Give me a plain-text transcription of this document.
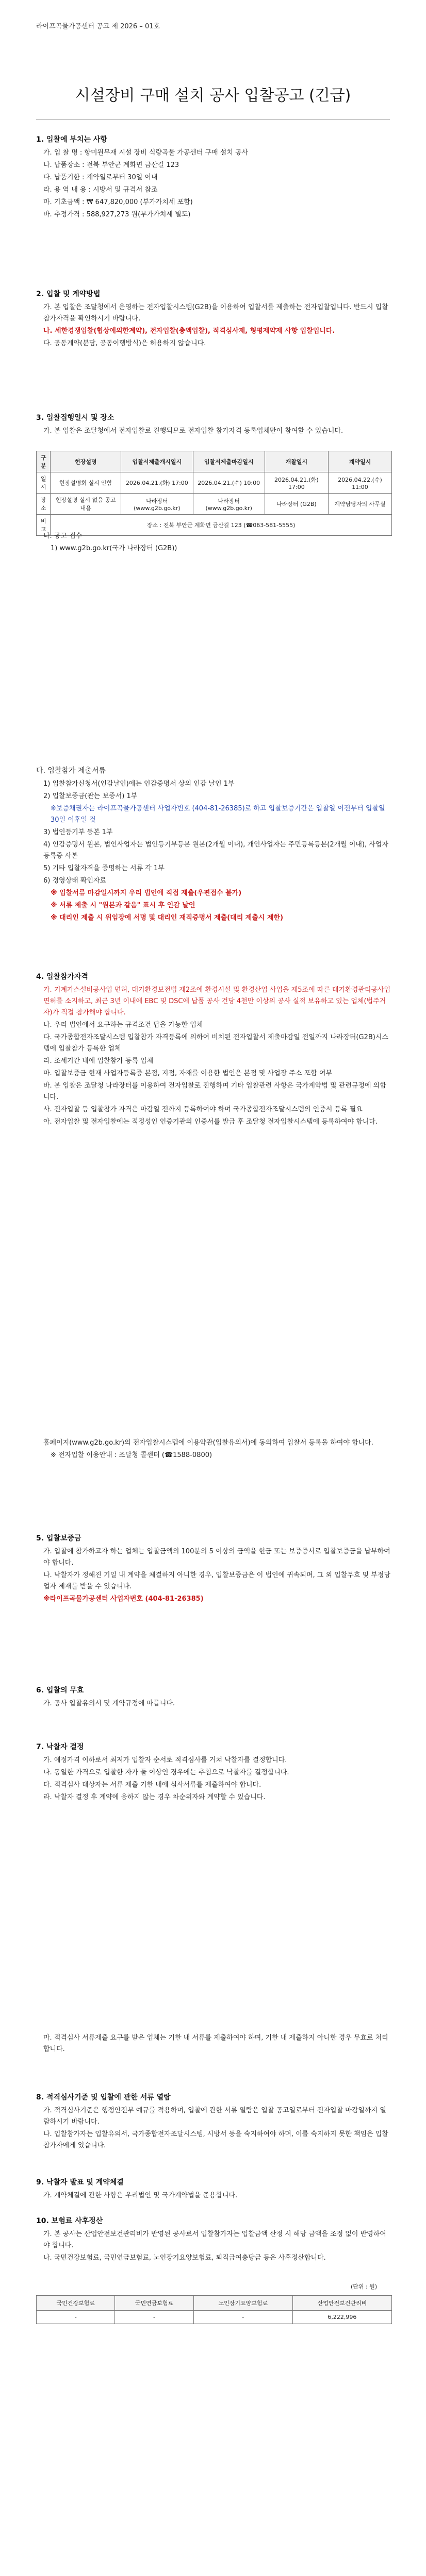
라이프곡물가공센터 공고 제 2026 – 01호
시설장비 구매 설치 공사 입찰공고 (긴급)
1. 입찰에 부치는 사항

가. 입 찰 명 : 항미원무재 시설 장비 식량곡물 가공센터 구매 설치 공사

나. 납품장소 : 전북 부안군 계화면 금산길 123

다. 납품기한 : 계약일로부터 30일 이내

라. 용 역 내 용 : 시방서 및 규격서 참조

마. 기초금액 : ₩ 647,820,000 (부가가치세 포함)

바. 추정가격 : 588,927,273 원(부가가치세 별도)

2. 입찰 및 계약방법

가. 본 입찰은 조달청에서 운영하는 전자입찰시스템(G2B)을 이용하여 입찰서를 제출하는 전자입찰입니다. 반드시 입찰참가자격을 확인하시기 바랍니다.

나. 세한경쟁입찰(협상에의한계약), 전자입찰(총액입찰), 적격심사제, 형평제약제 사항 입찰입니다.

다. 공동계약(분담, 공동이행방식)은 허용하지 않습니다.

3. 입찰집행일시 및 장소

가. 본 입찰은 조달청에서 전자입찰로 진행되므로 전자입찰 참가자격 등록업체만이 참여할 수 있습니다.

구분	현장설명	입찰서제출개시일시	입찰서제출마감일시	개찰일시	계약일시
일시	현장설명회 실시 안함	2026.04.21.(화) 17:00	2026.04.21.(수) 10:00	2026.04.21.(화) 17:00	2026.04.22.(수) 11:00
장소	현장설명 실시 없음 공고 내용	나라장터 (www.g2b.go.kr)	나라장터 (www.g2b.go.kr)	나라장터 (G2B)	계약담당자의 사무실
비고	장소 : 전북 부안군 계화면 금산길 123 (☎063-581-5555)				

나. 공고 접수

1) www.g2b.go.kr(국가 나라장터 (G2B))

다. 입찰참가 제출서류

1) 입찰참가신청서(인감날인)에는 인감증명서 상의 인감 날인 1부

2) 입찰보증금(관는 보증서) 1부

※보증채권자는 라이프곡물가공센터 사업자번호 (404-81-26385)로 하고 입찰보증기간은 입찰일 이전부터 입찰일 30일 이후일 것

3) 법인등기부 등본 1부

4) 인감증명서 원본, 법인사업자는 법인등기부등본 원본(2개월 이내), 개인사업자는 주민등록등본(2개월 이내), 사업자등록증 사본

5) 기타 입찰자격을 증명하는 서류 각 1부

6) 경영상태 확인자료

※ 입찰서류 마감일시까지 우리 법인에 직접 제출(우편접수 불가)

※ 서류 제출 시 "원본과 같음" 표시 후 인감 날인

※ 대리인 제출 시 위임장에 서명 및 대리인 재직증명서 제출(대리 제출시 제한)

4. 입찰참가자격

가. 기계가스설비공사업 면허, 대기환경보전법 제2조에 환경시설 및 환경산업 사업을 제5조에 따른 대기환경관리공사업 면허를 소지하고, 최근 3년 이내에 EBC 및 DSC에 납품 공사 건당 4천만 이상의 공사 실적 보유하고 있는 업체(법주거자)가 직접 참가해야 합니다.

나. 우리 법인에서 요구하는 규격조건 답을 가능한 업체

다. 국가종합전자조달시스템 입찰참가 자격등록에 의하여 비치된 전자입찰서 제출마감일 전일까지 나라장터(G2B)시스템에 입찰참가 등록한 업체

라. 조세기간 내에 입찰참가 등록 업체

마. 입찰보증금 현재 사업자등록증 본점, 지점, 자재를 이용한 법인은 본점 및 사업장 주소 포함 여부

바. 본 입찰은 조달청 나라장터를 이용하여 전자입찰로 진행하며 기타 입찰관련 사항은 국가계약법 및 관련규정에 의합니다.

사. 전자입찰 등 입찰참가 자격은 마감일 전까지 등록하여야 하며 국가종합전자조달시스템의 인증서 등록 필요

아. 전자입찰 및 전자입찰에는 적정성인 인증기관의 인증서를 발급 후 조달청 전자입찰시스템에 등록하여야 합니다.

홈페이지(www.g2b.go.kr)의 전자입찰시스템에 이용약관(입찰유의서)에 동의하여 입찰서 등록을 하여야 합니다.

※ 전자입찰 이용안내 : 조달청 콜센터 (☎1588-0800)

5. 입찰보증금

가. 입찰에 참가하고자 하는 업체는 입찰금액의 100분의 5 이상의 금액을 현금 또는 보증증서로 입찰보증금을 납부하여야 합니다.

나. 낙찰자가 정해진 기일 내 계약을 체결하지 아니한 경우, 입찰보증금은 이 법인에 귀속되며, 그 외 입찰무효 및 부정당업자 제재를 받을 수 있습니다.

※라이프곡물가공센터 사업자번호 (404-81-26385)

6. 입찰의 무효

가. 공사 입찰유의서 및 계약규정에 따릅니다.

7. 낙찰자 결정

가. 예정가격 이하로서 최저가 입찰자 순서로 적격심사를 거쳐 낙찰자를 결정합니다.

나. 동일한 가격으로 입찰한 자가 둘 이상인 경우에는 추첨으로 낙찰자를 결정합니다.

다. 적격심사 대상자는 서류 제출 기한 내에 심사서류를 제출하여야 합니다.

라. 낙찰자 결정 후 계약에 응하지 않는 경우 차순위자와 계약할 수 있습니다.

마. 적격심사 서류제출 요구를 받은 업체는 기한 내 서류를 제출하여야 하며, 기한 내 제출하지 아니한 경우 무효로 처리합니다.

8. 적격심사기준 및 입찰에 관한 서류 열람

가. 적격심사기준은 행정안전부 예규를 적용하며, 입찰에 관한 서류 열람은 입찰 공고일로부터 전자입찰 마감일까지 열람하시기 바랍니다.

나. 입찰참가자는 입찰유의서, 국가종합전자조달시스템, 시방서 등을 숙지하여야 하며, 이를 숙지하지 못한 책임은 입찰참가자에게 있습니다.

9. 낙찰자 발표 및 계약체결

가. 계약체결에 관한 사항은 우리법인 및 국가계약법을 준용합니다.

10. 보험료 사후정산

가. 본 공사는 산업안전보건관리비가 반영된 공사로서 입찰참가자는 입찰금액 산정 시 해당 금액을 조정 없이 반영하여야 합니다.

나. 국민건강보험료, 국민연금보험료, 노인장기요양보험료, 퇴직급여충당금 등은 사후정산합니다.

(단위 : 원)
국민건강보험료	국민연금보험료	노인장기요양보험료	산업안전보건관리비
-	-	-	6,222,996
